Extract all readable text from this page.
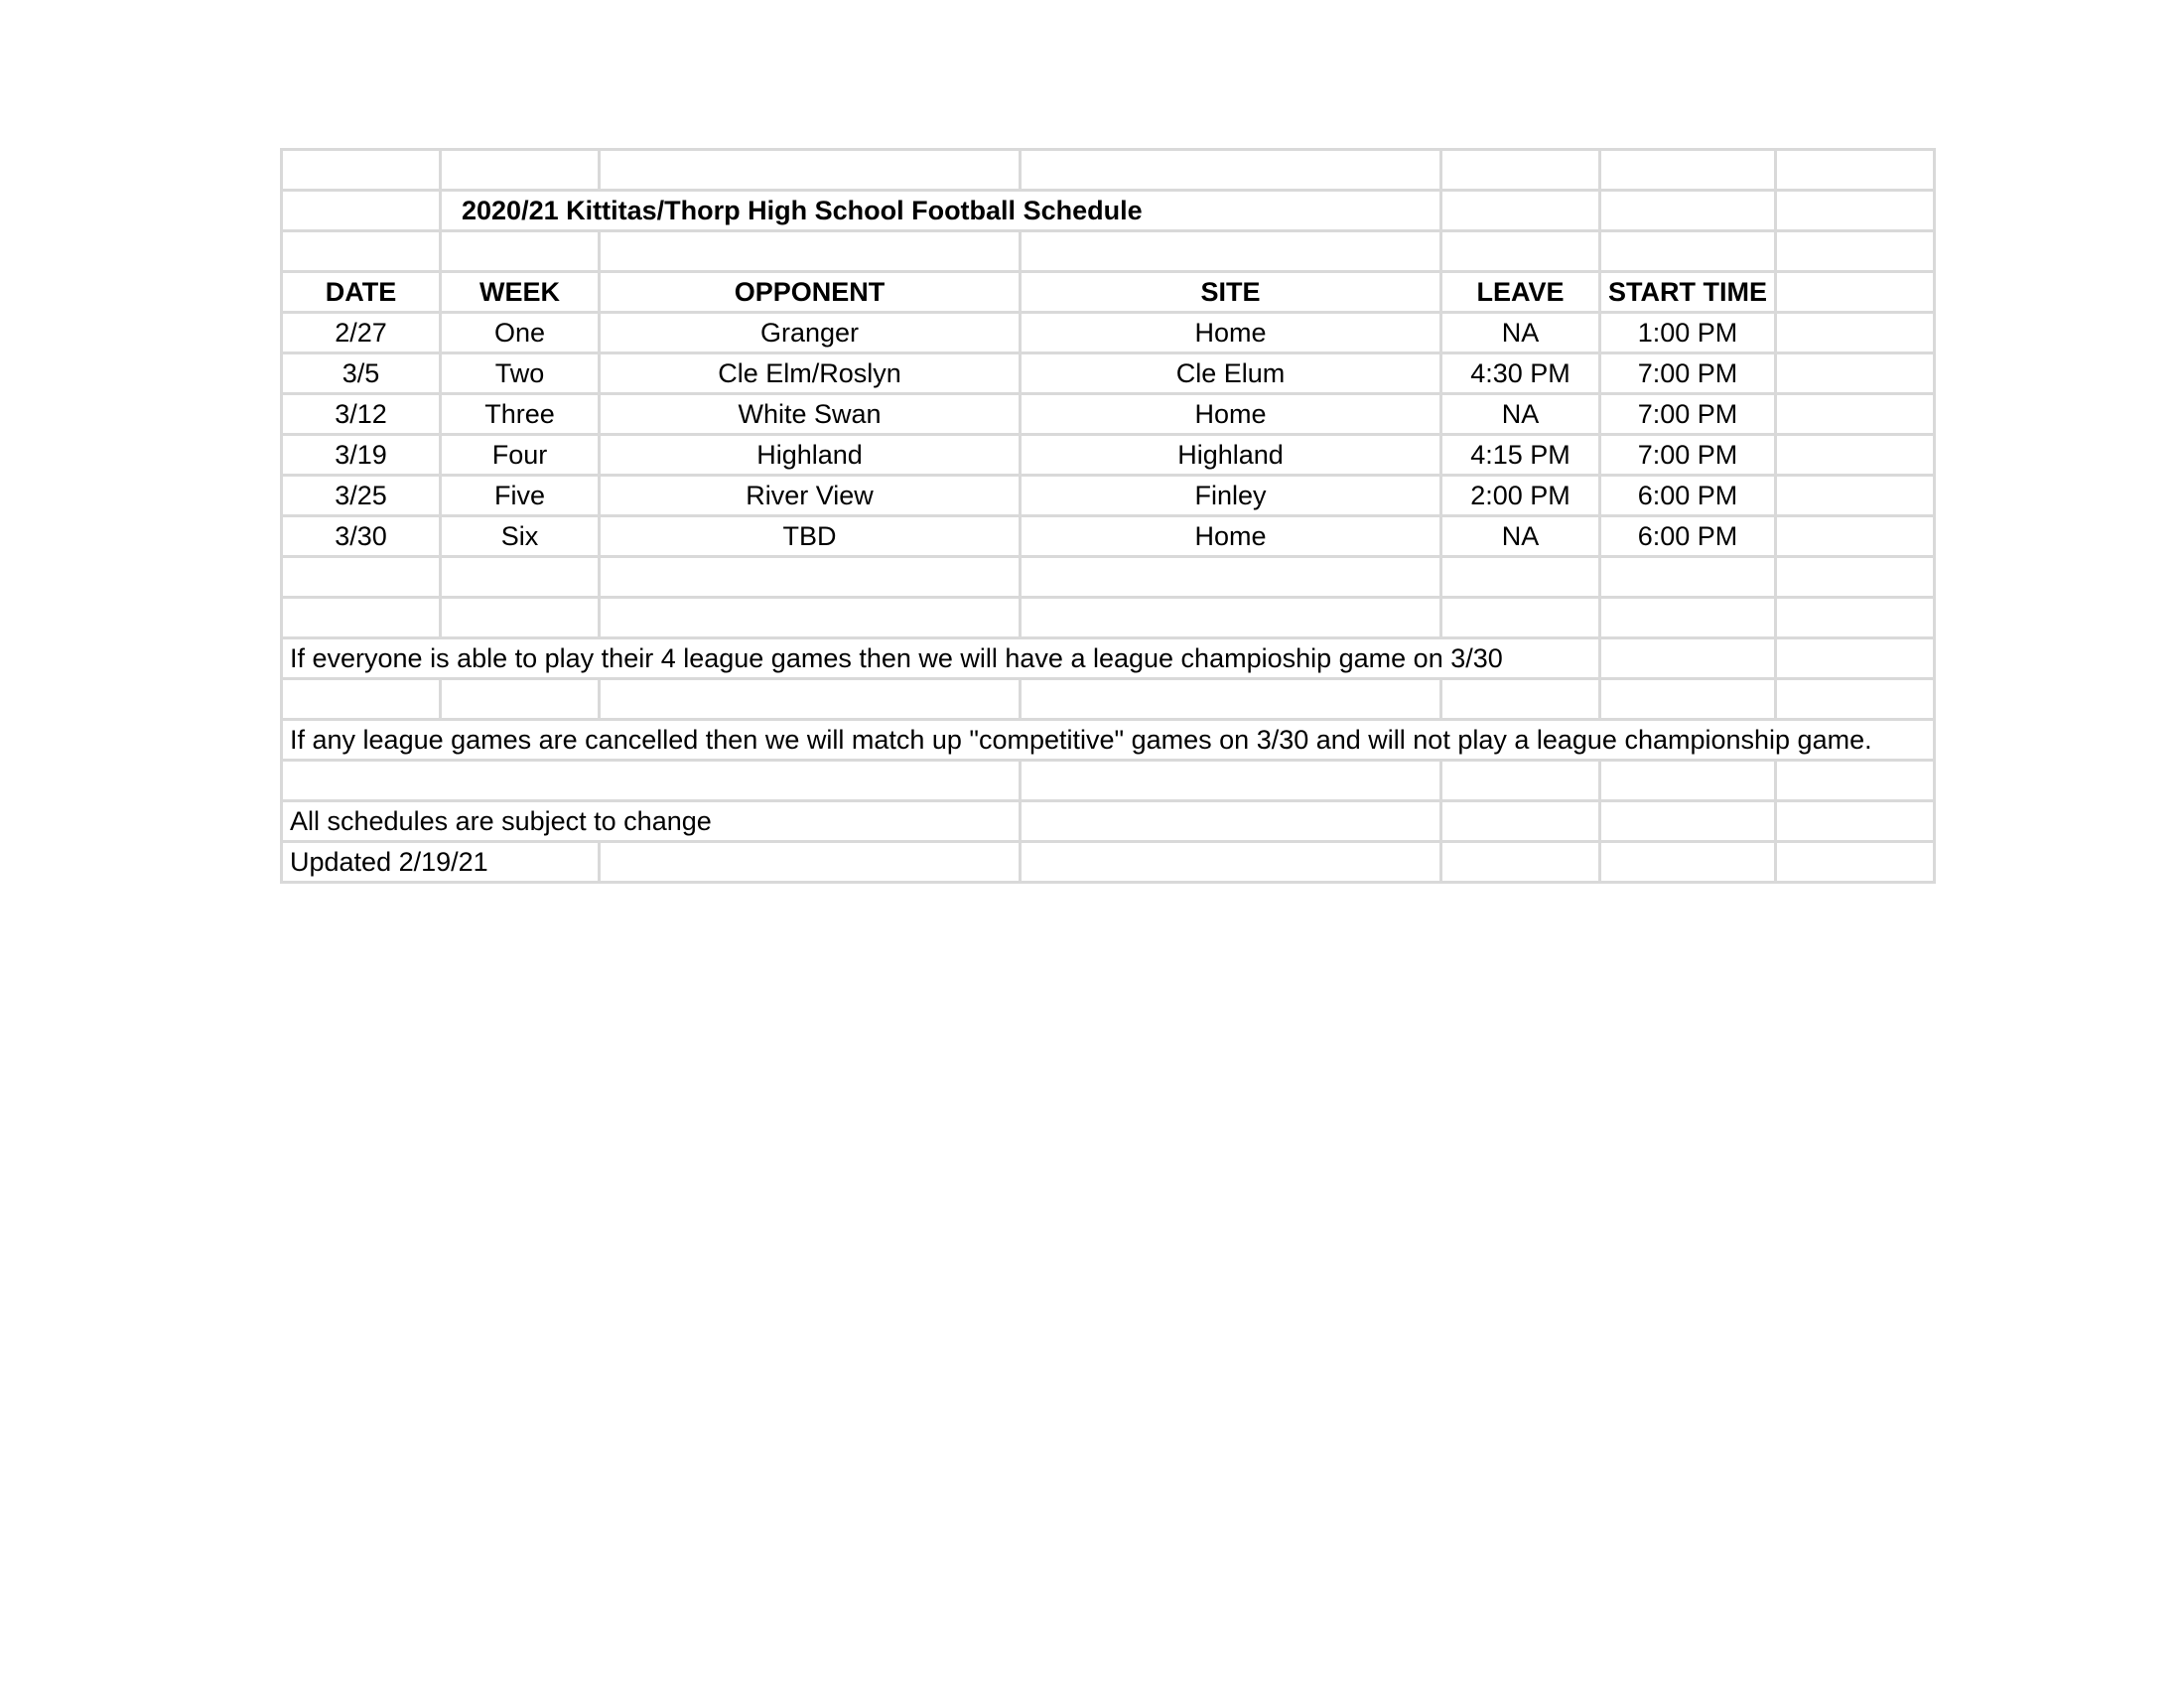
	2020/21 Kittitas/Thorp High School Football Schedule					

DATE	WEEK	OPPONENT	SITE	LEAVE	START TIME	
2/27	One	Granger	Home	NA	1:00 PM	
3/5	Two	Cle Elm/Roslyn	Cle Elum	4:30 PM	7:00 PM	
3/12	Three	White Swan	Home	NA	7:00 PM	
3/19	Four	Highland	Highland	4:15 PM	7:00 PM	
3/25	Five	River View	Finley	2:00 PM	6:00 PM	
3/30	Six	TBD	Home	NA	6:00 PM	

If everyone is able to play their 4 league games then we will have a league champioship game on 3/30						

If any league games are cancelled then we will match up "competitive" games on 3/30 and will not play a league championship game.						

All schedules are subject to change						
Updated 2/19/21						
